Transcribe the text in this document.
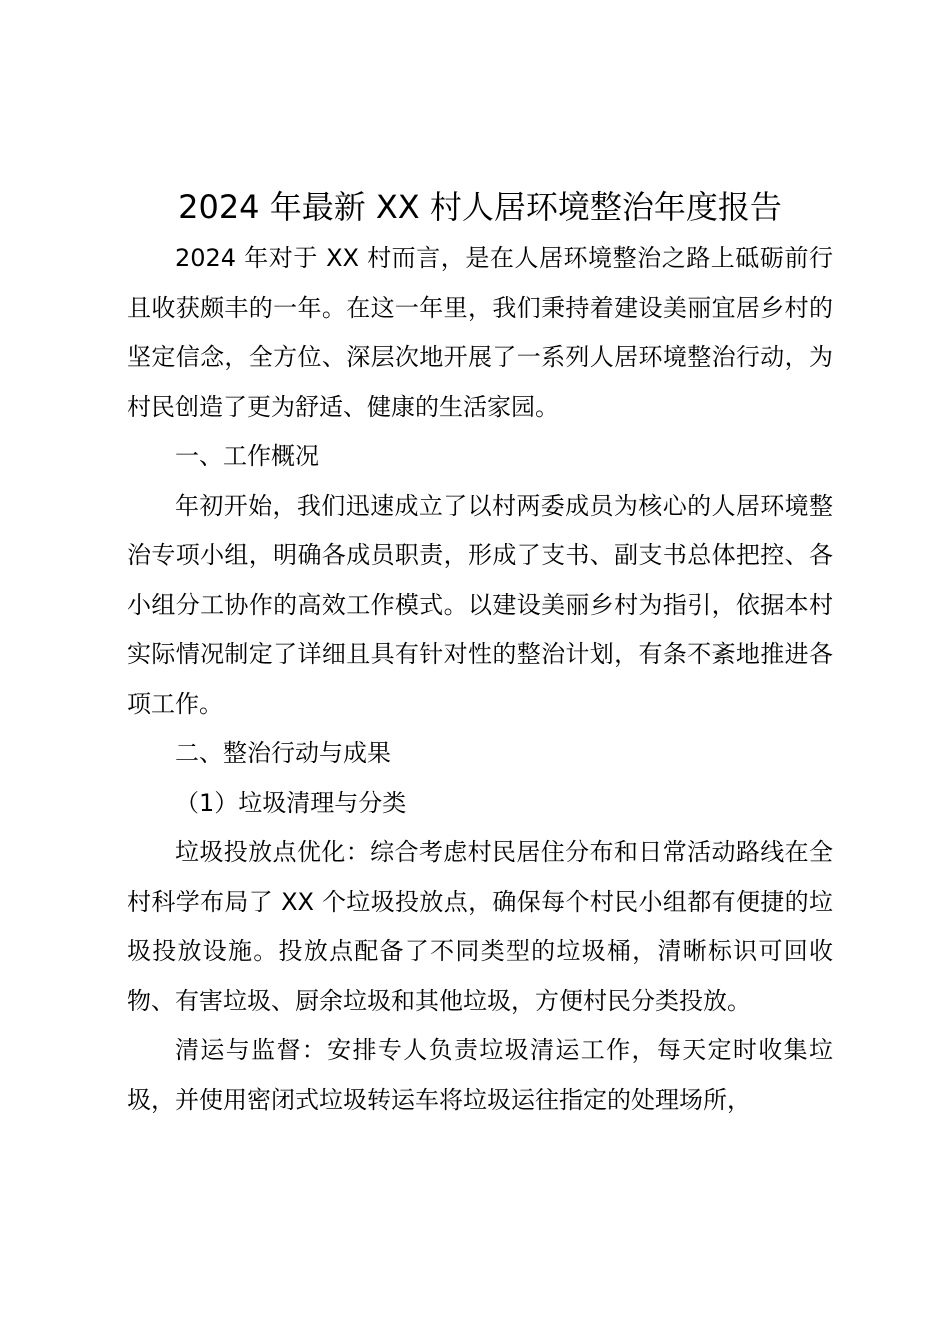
2024 年最新 XX 村人居环境整治年度报告

2024 年对于 XX 村而言，是在人居环境整治之路上砥砺前行且收获颇丰的一年。在这一年里，我们秉持着建设美丽宜居乡村的坚定信念，全方位、深层次地开展了一系列人居环境整治行动，为村民创造了更为舒适、健康的生活家园。

一、工作概况

年初开始，我们迅速成立了以村两委成员为核心的人居环境整治专项小组，明确各成员职责，形成了支书、副支书总体把控、各小组分工协作的高效工作模式。以建设美丽乡村为指引，依据本村实际情况制定了详细且具有针对性的整治计划，有条不紊地推进各项工作。

二、整治行动与成果

（1）垃圾清理与分类

垃圾投放点优化：综合考虑村民居住分布和日常活动路线在全村科学布局了 XX 个垃圾投放点，确保每个村民小组都有便捷的垃圾投放设施。投放点配备了不同类型的垃圾桶，清晰标识可回收物、有害垃圾、厨余垃圾和其他垃圾，方便村民分类投放。

清运与监督：安排专人负责垃圾清运工作，每天定时收集垃圾，并使用密闭式垃圾转运车将垃圾运往指定的处理场所，
